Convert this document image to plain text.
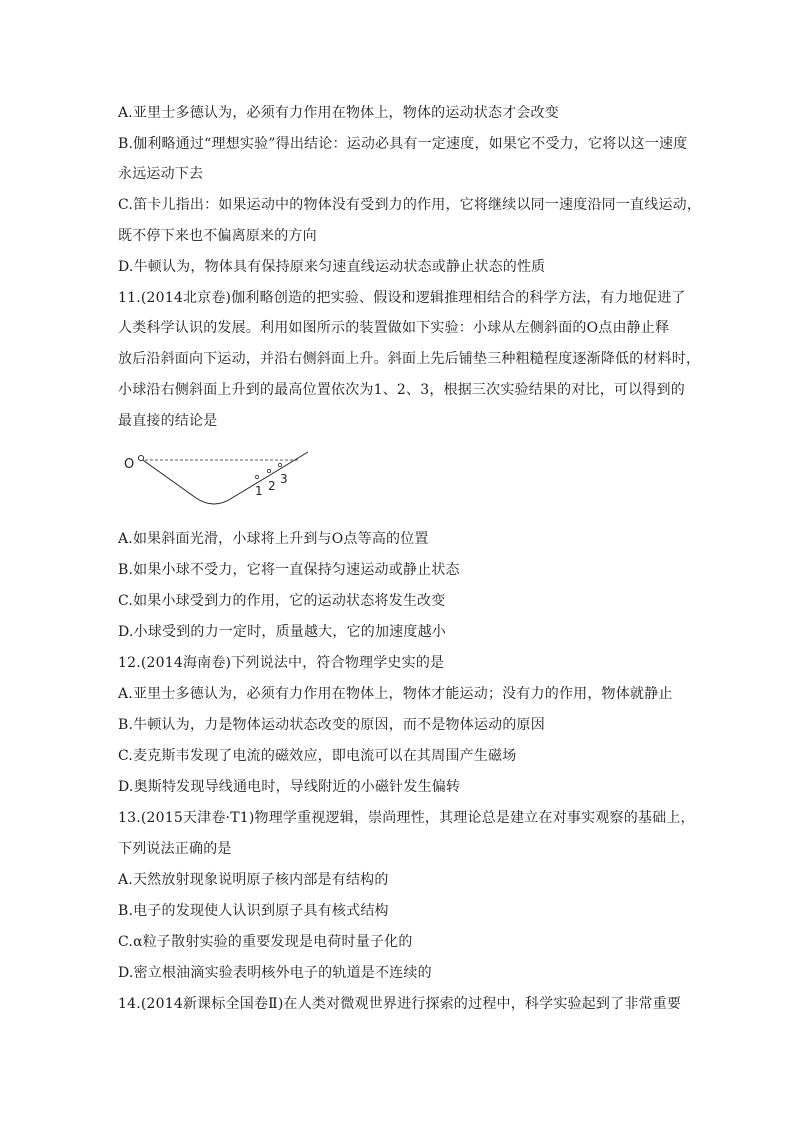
A.亚里士多德认为，必须有力作用在物体上，物体的运动状态才会改变
B.伽利略通过“理想实验”得出结论：运动必具有一定速度，如果它不受力，它将以这一速度
永远运动下去
C.笛卡儿指出：如果运动中的物体没有受到力的作用，它将继续以同一速度沿同一直线运动，
既不停下来也不偏离原来的方向
D.牛顿认为，物体具有保持原来匀速直线运动状态或静止状态的性质
11.(2014北京卷)伽利略创造的把实验、假设和逻辑推理相结合的科学方法，有力地促进了
人类科学认识的发展。利用如图所示的装置做如下实验：小球从左侧斜面的O点由静止释
放后沿斜面向下运动，并沿右侧斜面上升。斜面上先后铺垫三种粗糙程度逐渐降低的材料时，
小球沿右侧斜面上升到的最高位置依次为1、2、3，根据三次实验结果的对比，可以得到的
最直接的结论是
O
1 2 3
A.如果斜面光滑，小球将上升到与O点等高的位置
B.如果小球不受力，它将一直保持匀速运动或静止状态
C.如果小球受到力的作用，它的运动状态将发生改变
D.小球受到的力一定时，质量越大，它的加速度越小
12.(2014海南卷)下列说法中，符合物理学史实的是
A.亚里士多德认为，必须有力作用在物体上，物体才能运动；没有力的作用，物体就静止
B.牛顿认为，力是物体运动状态改变的原因，而不是物体运动的原因
C.麦克斯韦发现了电流的磁效应，即电流可以在其周围产生磁场
D.奥斯特发现导线通电时，导线附近的小磁针发生偏转
13.(2015天津卷·T1)物理学重视逻辑，崇尚理性，其理论总是建立在对事实观察的基础上，
下列说法正确的是
A.天然放射现象说明原子核内部是有结构的
B.电子的发现使人认识到原子具有核式结构
C.α粒子散射实验的重要发现是电荷时量子化的
D.密立根油滴实验表明核外电子的轨道是不连续的
14.(2014新课标全国卷Ⅱ)在人类对微观世界进行探索的过程中，科学实验起到了非常重要
